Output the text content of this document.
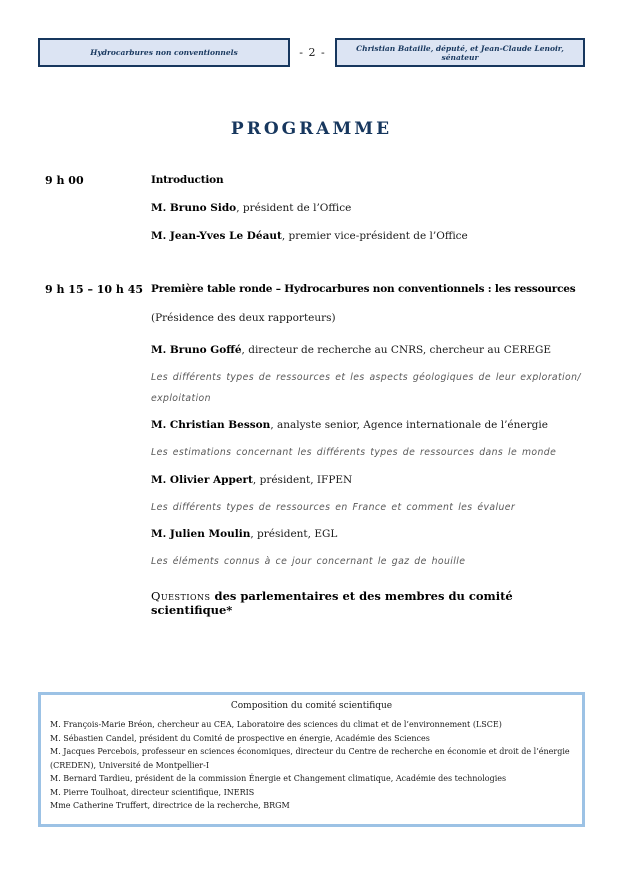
Hydrocarbures non conventionnels	- 2 -	Christian Bataille, député, et Jean-Claude Lenoir, sénateur
PROGRAMME
9 h 00	Introduction
M. Bruno Sido, président de l’Office
M. Jean-Yves Le Déaut, premier vice-président de l’Office
9 h 15 – 10 h 45 Première table ronde – Hydrocarbures non conventionnels : les ressources
(Présidence des deux rapporteurs)
M. Bruno Goffé, directeur de recherche au CNRS, chercheur au CEREGE
Les différents types de ressources et les aspects géologiques de leur exploration/ exploitation
M. Christian Besson, analyste senior, Agence internationale de l’énergie
Les estimations concernant les différents types de ressources dans le monde
M. Olivier Appert, président, IFPEN
Les différents types de ressources en France et comment les évaluer
M. Julien Moulin, président, EGL
Les éléments connus à ce jour concernant le gaz de houille
Questions des parlementaires et des membres du comité scientifique*
Composition du comité scientifique
M. François-Marie Bréon, chercheur au CEA, Laboratoire des sciences du climat et de l’environnement (LSCE)
M. Sébastien Candel, président du Comité de prospective en énergie, Académie des Sciences
M. Jacques Percebois, professeur en sciences économiques, directeur du Centre de recherche en économie et droit de l’énergie (CREDEN), Université de Montpellier-I
M. Bernard Tardieu, président de la commission Énergie et Changement climatique, Académie des technologies
M. Pierre Toulhoat, directeur scientifique, INERIS
Mme Catherine Truffert, directrice de la recherche, BRGM
